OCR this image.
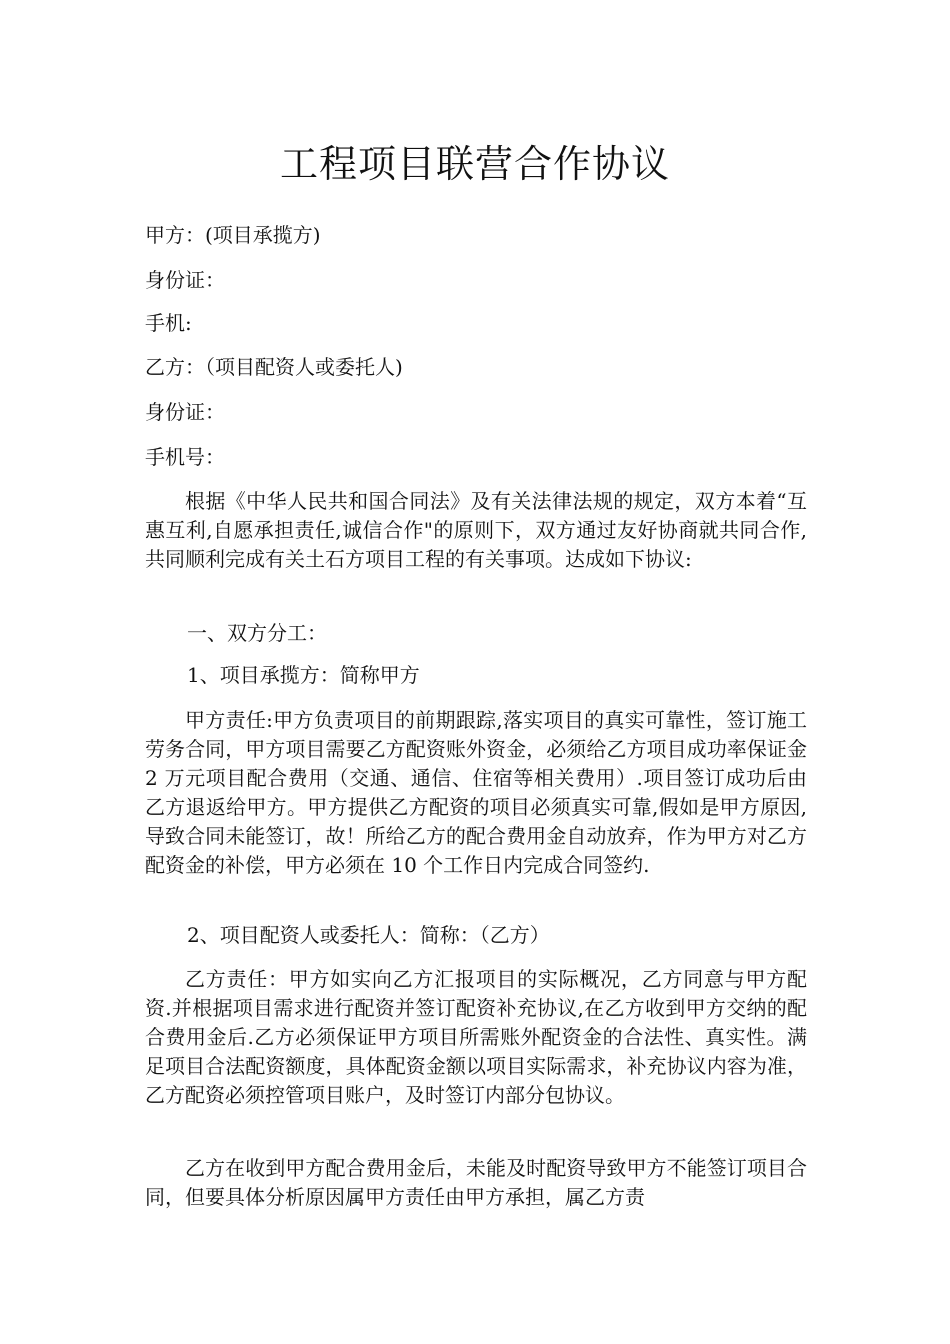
工程项目联营合作协议

甲方：(项目承揽方)

身份证：

手机:

乙方：（项目配资人或委托人)

身份证：

手机号：

根据《中华人民共和国合同法》及有关法律法规的规定，双方本着“互惠互利,自愿承担责任,诚信合作"的原则下，双方通过友好协商就共同合作,共同顺利完成有关土石方项目工程的有关事项。达成如下协议:

一、双方分工：

1、项目承揽方：简称甲方

甲方责任:甲方负责项目的前期跟踪,落实项目的真实可靠性，签订施工劳务合同，甲方项目需要乙方配资账外资金，必须给乙方项目成功率保证金 2 万元项目配合费用（交通、通信、住宿等相关费用）.项目签订成功后由乙方退返给甲方。甲方提供乙方配资的项目必须真实可靠,假如是甲方原因,导致合同未能签订，故！所给乙方的配合费用金自动放弃，作为甲方对乙方配资金的补偿，甲方必须在 10 个工作日内完成合同签约.

2、项目配资人或委托人：简称：（乙方）

乙方责任：甲方如实向乙方汇报项目的实际概况，乙方同意与甲方配资.并根据项目需求进行配资并签订配资补充协议,在乙方收到甲方交纳的配合费用金后.乙方必须保证甲方项目所需账外配资金的合法性、真实性。满足项目合法配资额度，具体配资金额以项目实际需求，补充协议内容为准，乙方配资必须控管项目账户，及时签订内部分包协议。

乙方在收到甲方配合费用金后，未能及时配资导致甲方不能签订项目合同，但要具体分析原因属甲方责任由甲方承担，属乙方责
